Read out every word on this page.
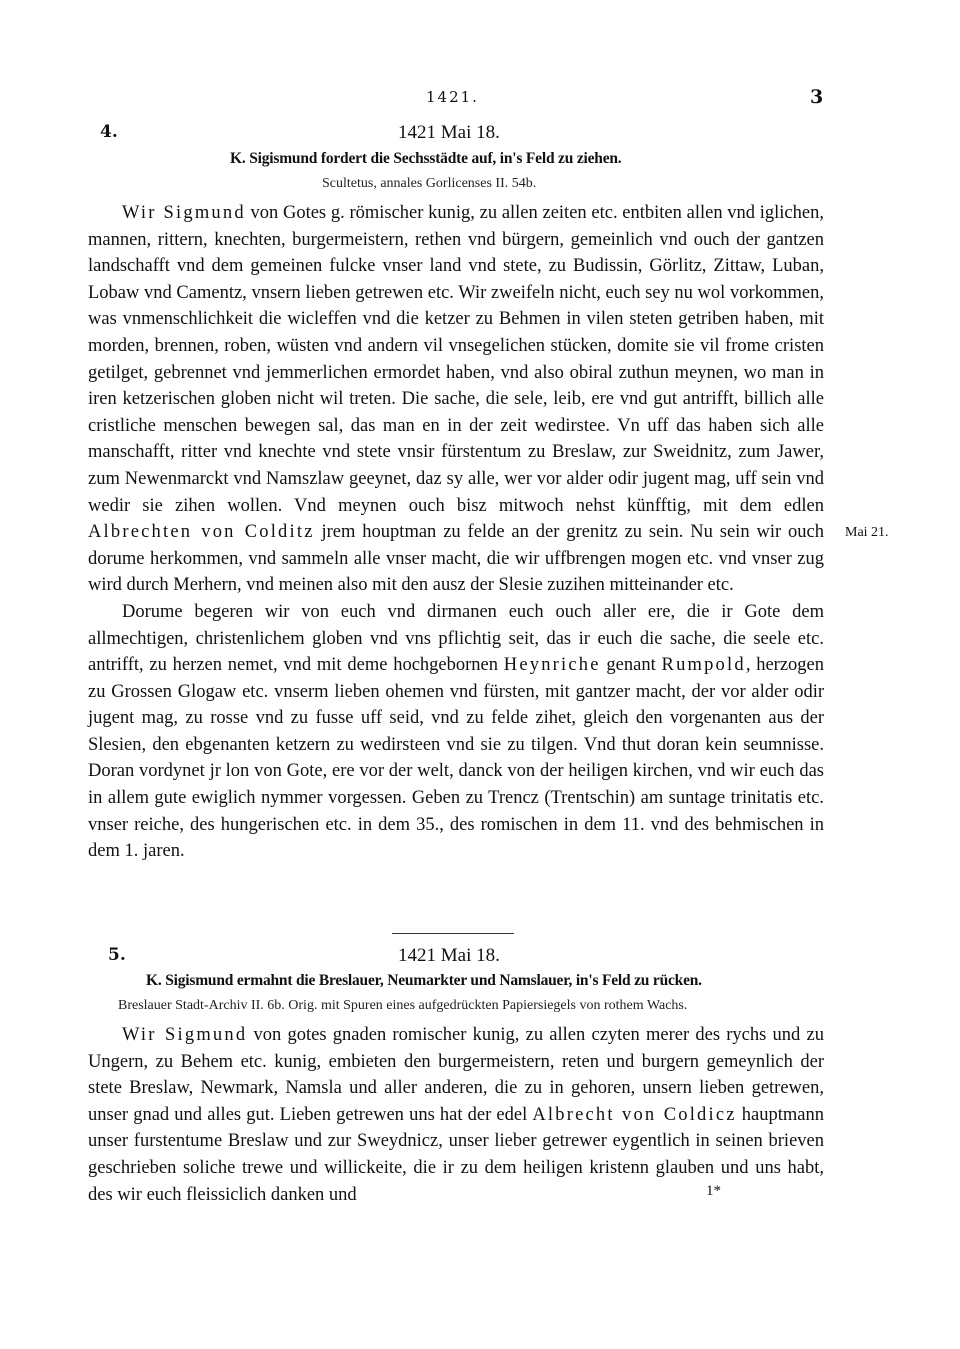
1421.	3
4.	1421 Mai 18.
K. Sigismund fordert die Sechsstädte auf, in's Feld zu ziehen.
Scultetus, annales Gorlicenses II. 54b.

Wir Sigmund von Gotes g. römischer kunig, zu allen zeiten etc. entbiten allen vnd iglichen, mannen, rittern, knechten, burgermeistern, rethen vnd bürgern, gemeinlich vnd ouch der gantzen landschafft vnd dem gemeinen fulcke vnser land vnd stete, zu Budissin, Görlitz, Zittaw, Luban, Lobaw vnd Camentz, vnsern lieben getrewen etc. Wir zweifeln nicht, euch sey nu wol vorkommen, was vnmenschlichkeit die wicleffen vnd die ketzer zu Behmen in vilen steten getriben haben, mit morden, brennen, roben, wüsten vnd andern vil vnsegelichen stücken, domite sie vil frome cristen getilget, gebrennet vnd jemmerlichen ermordet haben, vnd also obiral zuthun meynen, wo man in iren ketzerischen globen nicht wil treten. Die sache, die sele, leib, ere vnd gut antrifft, billich alle cristliche menschen bewegen sal, das man en in der zeit wedirstee. Vn uff das haben sich alle manschafft, ritter vnd knechte vnd stete vnsir fürstentum zu Breslaw, zur Sweidnitz, zum Jawer, zum Newenmarckt vnd Namszlaw geeynet, daz sy alle, wer vor alder odir jugent mag, uff sein vnd wedir sie zihen wollen. Vnd meynen ouch bisz mitwoch nehst künfftig, mit dem edlen Albrechten von Colditz jrem houptman zu felde an der grenitz zu sein. Nu sein wir ouch dorume herkommen, vnd sammeln alle vnser macht, die wir uffbrengen mogen etc. vnd vnser zug wird durch Merhern, vnd meinen also mit den ausz der Slesie zuzihen mitteinander etc.

Dorume begeren wir von euch vnd dirmanen euch ouch aller ere, die ir Gote dem allmechtigen, christenlichem globen vnd vns pflichtig seit, das ir euch die sache, die seele etc. antrifft, zu herzen nemet, vnd mit deme hochgebornen Heynriche genant Rumpold, herzogen zu Grossen Glogaw etc. vnserm lieben ohemen vnd fürsten, mit gantzer macht, der vor alder odir jugent mag, zu rosse vnd zu fusse uff seid, vnd zu felde zihet, gleich den vorgenanten aus der Slesien, den ebgenanten ketzern zu wedirsteen vnd sie zu tilgen. Vnd thut doran kein seumnisse. Doran vordynet jr lon von Gote, ere vor der welt, danck von der heiligen kirchen, vnd wir euch das in allem gute ewiglich nymmer vorgessen. Geben zu Trencz (Trentschin) am suntage trinitatis etc. vnser reiche, des hungerischen etc. in dem 35., des romischen in dem 11. vnd des behmischen in dem 1. jaren.

Mai 21.
5.	1421 Mai 18.
K. Sigismund ermahnt die Breslauer, Neumarkter und Namslauer, in's Feld zu rücken.
Breslauer Stadt-Archiv II. 6b. Orig. mit Spuren eines aufgedrückten Papiersiegels von rothem Wachs.

Wir Sigmund von gotes gnaden romischer kunig, zu allen czyten merer des rychs und zu Ungern, zu Behem etc. kunig, embieten den burgermeistern, reten und burgern gemeynlich der stete Breslaw, Newmark, Namsla und aller anderen, die zu in gehoren, unsern lieben getrewen, unser gnad und alles gut. Lieben getrewen uns hat der edel Albrecht von Coldicz hauptmann unser furstentume Breslaw und zur Sweydnicz, unser lieber getrewer eygentlich in seinen brieven geschrieben soliche trewe und willickeite, die ir zu dem heiligen kristenn glauben und uns habt, des wir euch fleissiclich danken und	1*
